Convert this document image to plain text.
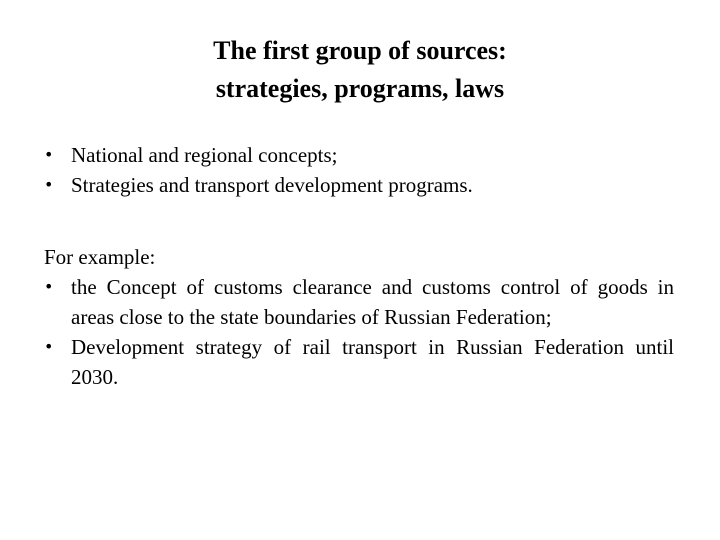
The first group of sources:
strategies, programs, laws
• National and regional concepts;
• Strategies and transport development programs.
For example:
• the Concept of customs clearance and customs control of goods in areas close to the state boundaries of Russian Federation;
• Development strategy of rail transport in Russian Federation until 2030.
